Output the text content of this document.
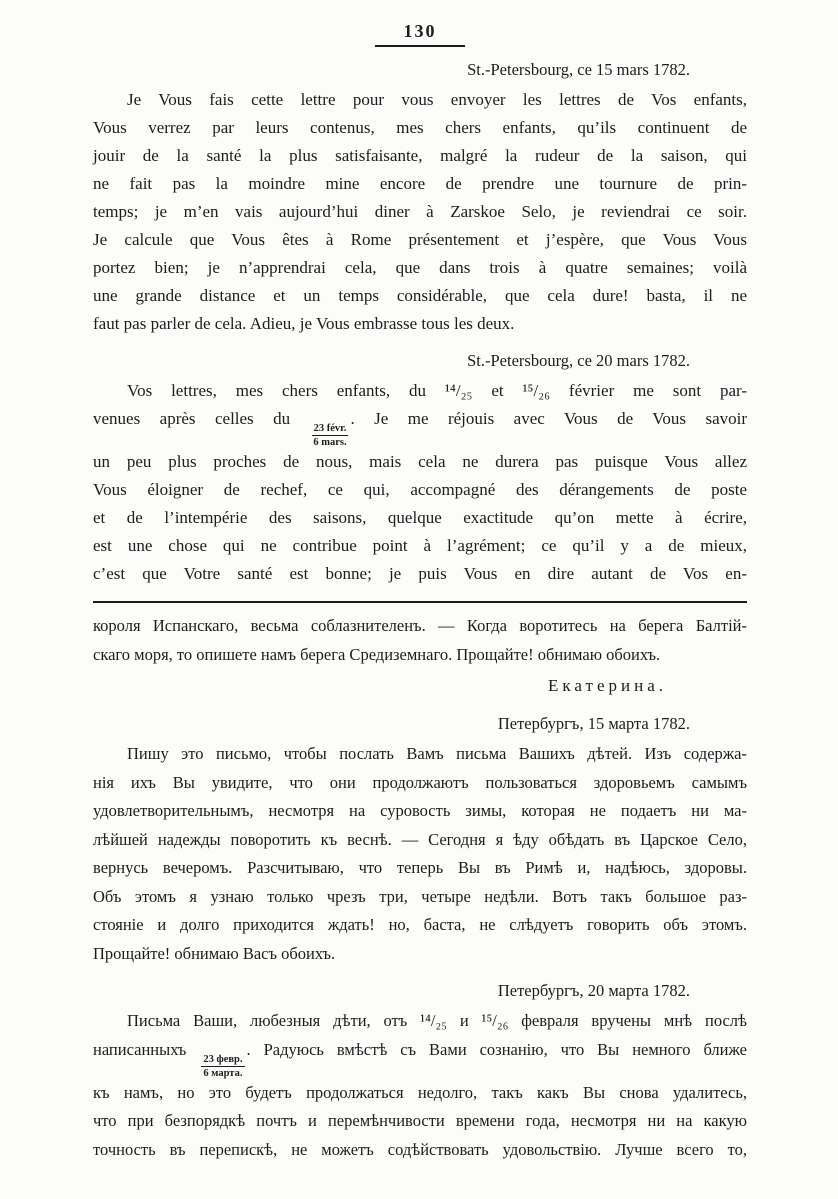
130
St.-Petersbourg, ce 15 mars 1782.

Je Vous fais cette lettre pour vous envoyer les lettres de Vos enfants,

Vous verrez par leurs contenus, mes chers enfants, qu’ils continuent de

jouir de la santé la plus satisfaisante, malgré la rudeur de la saison, qui

ne fait pas la moindre mine encore de prendre une tournure de prin-

temps; je m’en vais aujourd’hui diner à Zarskoe Selo, je reviendrai ce soir.

Je calcule que Vous êtes à Rome présentement et j’espère, que Vous Vous

portez bien; je n’apprendrai cela, que dans trois à quatre semaines; voilà

une grande distance et un temps considérable, que cela dure! basta, il ne

faut pas parler de cela. Adieu, je Vous embrasse tous les deux.

St.-Petersbourg, ce 20 mars 1782.

Vos lettres, mes chers enfants, du ¹⁴/₂₅ et ¹⁵/₂₆ février me sont par-

venues après celles du
$\frac{\text{23 févr.}}{\text{6 mars.}}$
. Je me réjouis avec Vous de Vous savoir

un peu plus proches de nous, mais cela ne durera pas puisque Vous allez

Vous éloigner de rechef, ce qui, accompagné des dérangements de poste

et de l’intempérie des saisons, quelque exactitude qu’on mette à écrire,

est une chose qui ne contribue point à l’agrément; ce qu’il y a de mieux,

c’est que Votre santé est bonne; je puis Vous en dire autant de Vos en-

короля Испанскаго, весьма соблазнителенъ. — Когда воротитесь на берега Балтій-

скаго моря, то опишете намъ берега Средиземнаго. Прощайте! обнимаю обоихъ.

Екатерина.
Петербургъ, 15 марта 1782.

Пишу это письмо, чтобы послать Вамъ письма Вашихъ дѣтей. Изъ содержа-

нія ихъ Вы увидите, что они продолжаютъ пользоваться здоровьемъ самымъ

удовлетворительнымъ, несмотря на суровость зимы, которая не подаетъ ни ма-

лѣйшей надежды поворотить къ веснѣ. — Сегодня я ѣду обѣдать въ Царское Село,

вернусь вечеромъ. Разсчитываю, что теперь Вы въ Римѣ и, надѣюсь, здоровы.

Объ этомъ я узнаю только чрезъ три, четыре недѣли. Вотъ такъ большое раз-

стояніе и долго приходится ждать! но, баста, не слѣдуетъ говорить объ этомъ.

Прощайте! обнимаю Васъ обоихъ.

Петербургъ, 20 марта 1782.

Письма Ваши, любезныя дѣти, отъ ¹⁴/₂₅ и ¹⁵/₂₆ февраля вручены мнѣ послѣ

написанныхъ
$\frac{\text{23 февр.}}{\text{6 марта.}}$
. Радуюсь вмѣстѣ съ Вами сознанію, что Вы немного ближе

къ намъ, но это будетъ продолжаться недолго, такъ какъ Вы снова удалитесь,

что при безпорядкѣ почтъ и перемѣнчивости времени года, несмотря ни на какую

точность въ перепискѣ, не можетъ содѣйствовать удовольствію. Лучше всего то,
